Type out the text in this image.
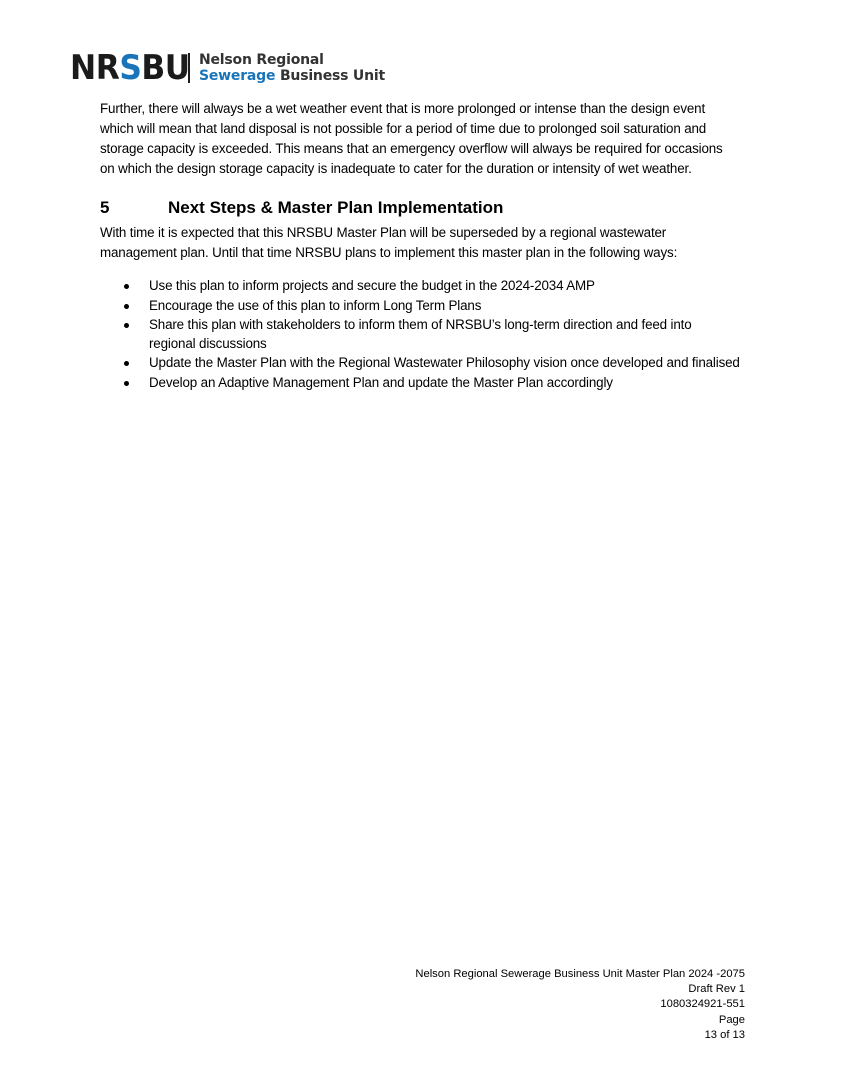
NRSBU Nelson Regional
Sewerage Business Unit

Further, there will always be a wet weather event that is more prolonged or intense than the design event which will mean that land disposal is not possible for a period of time due to prolonged soil saturation and storage capacity is exceeded. This means that an emergency overflow will always be required for occasions on which the design storage capacity is inadequate to cater for the duration or intensity of wet weather.

5	Next Steps & Master Plan Implementation

With time it is expected that this NRSBU Master Plan will be superseded by a regional wastewater management plan. Until that time NRSBU plans to implement this master plan in the following ways:

Use this plan to inform projects and secure the budget in the 2024-2034 AMP
Encourage the use of this plan to inform Long Term Plans
Share this plan with stakeholders to inform them of NRSBU’s long-term direction and feed into regional discussions
Update the Master Plan with the Regional Wastewater Philosophy vision once developed and finalised
Develop an Adaptive Management Plan and update the Master Plan accordingly
Nelson Regional Sewerage Business Unit Master Plan 2024 -2075
Draft Rev 1
1080324921-551
Page
13 of 13
